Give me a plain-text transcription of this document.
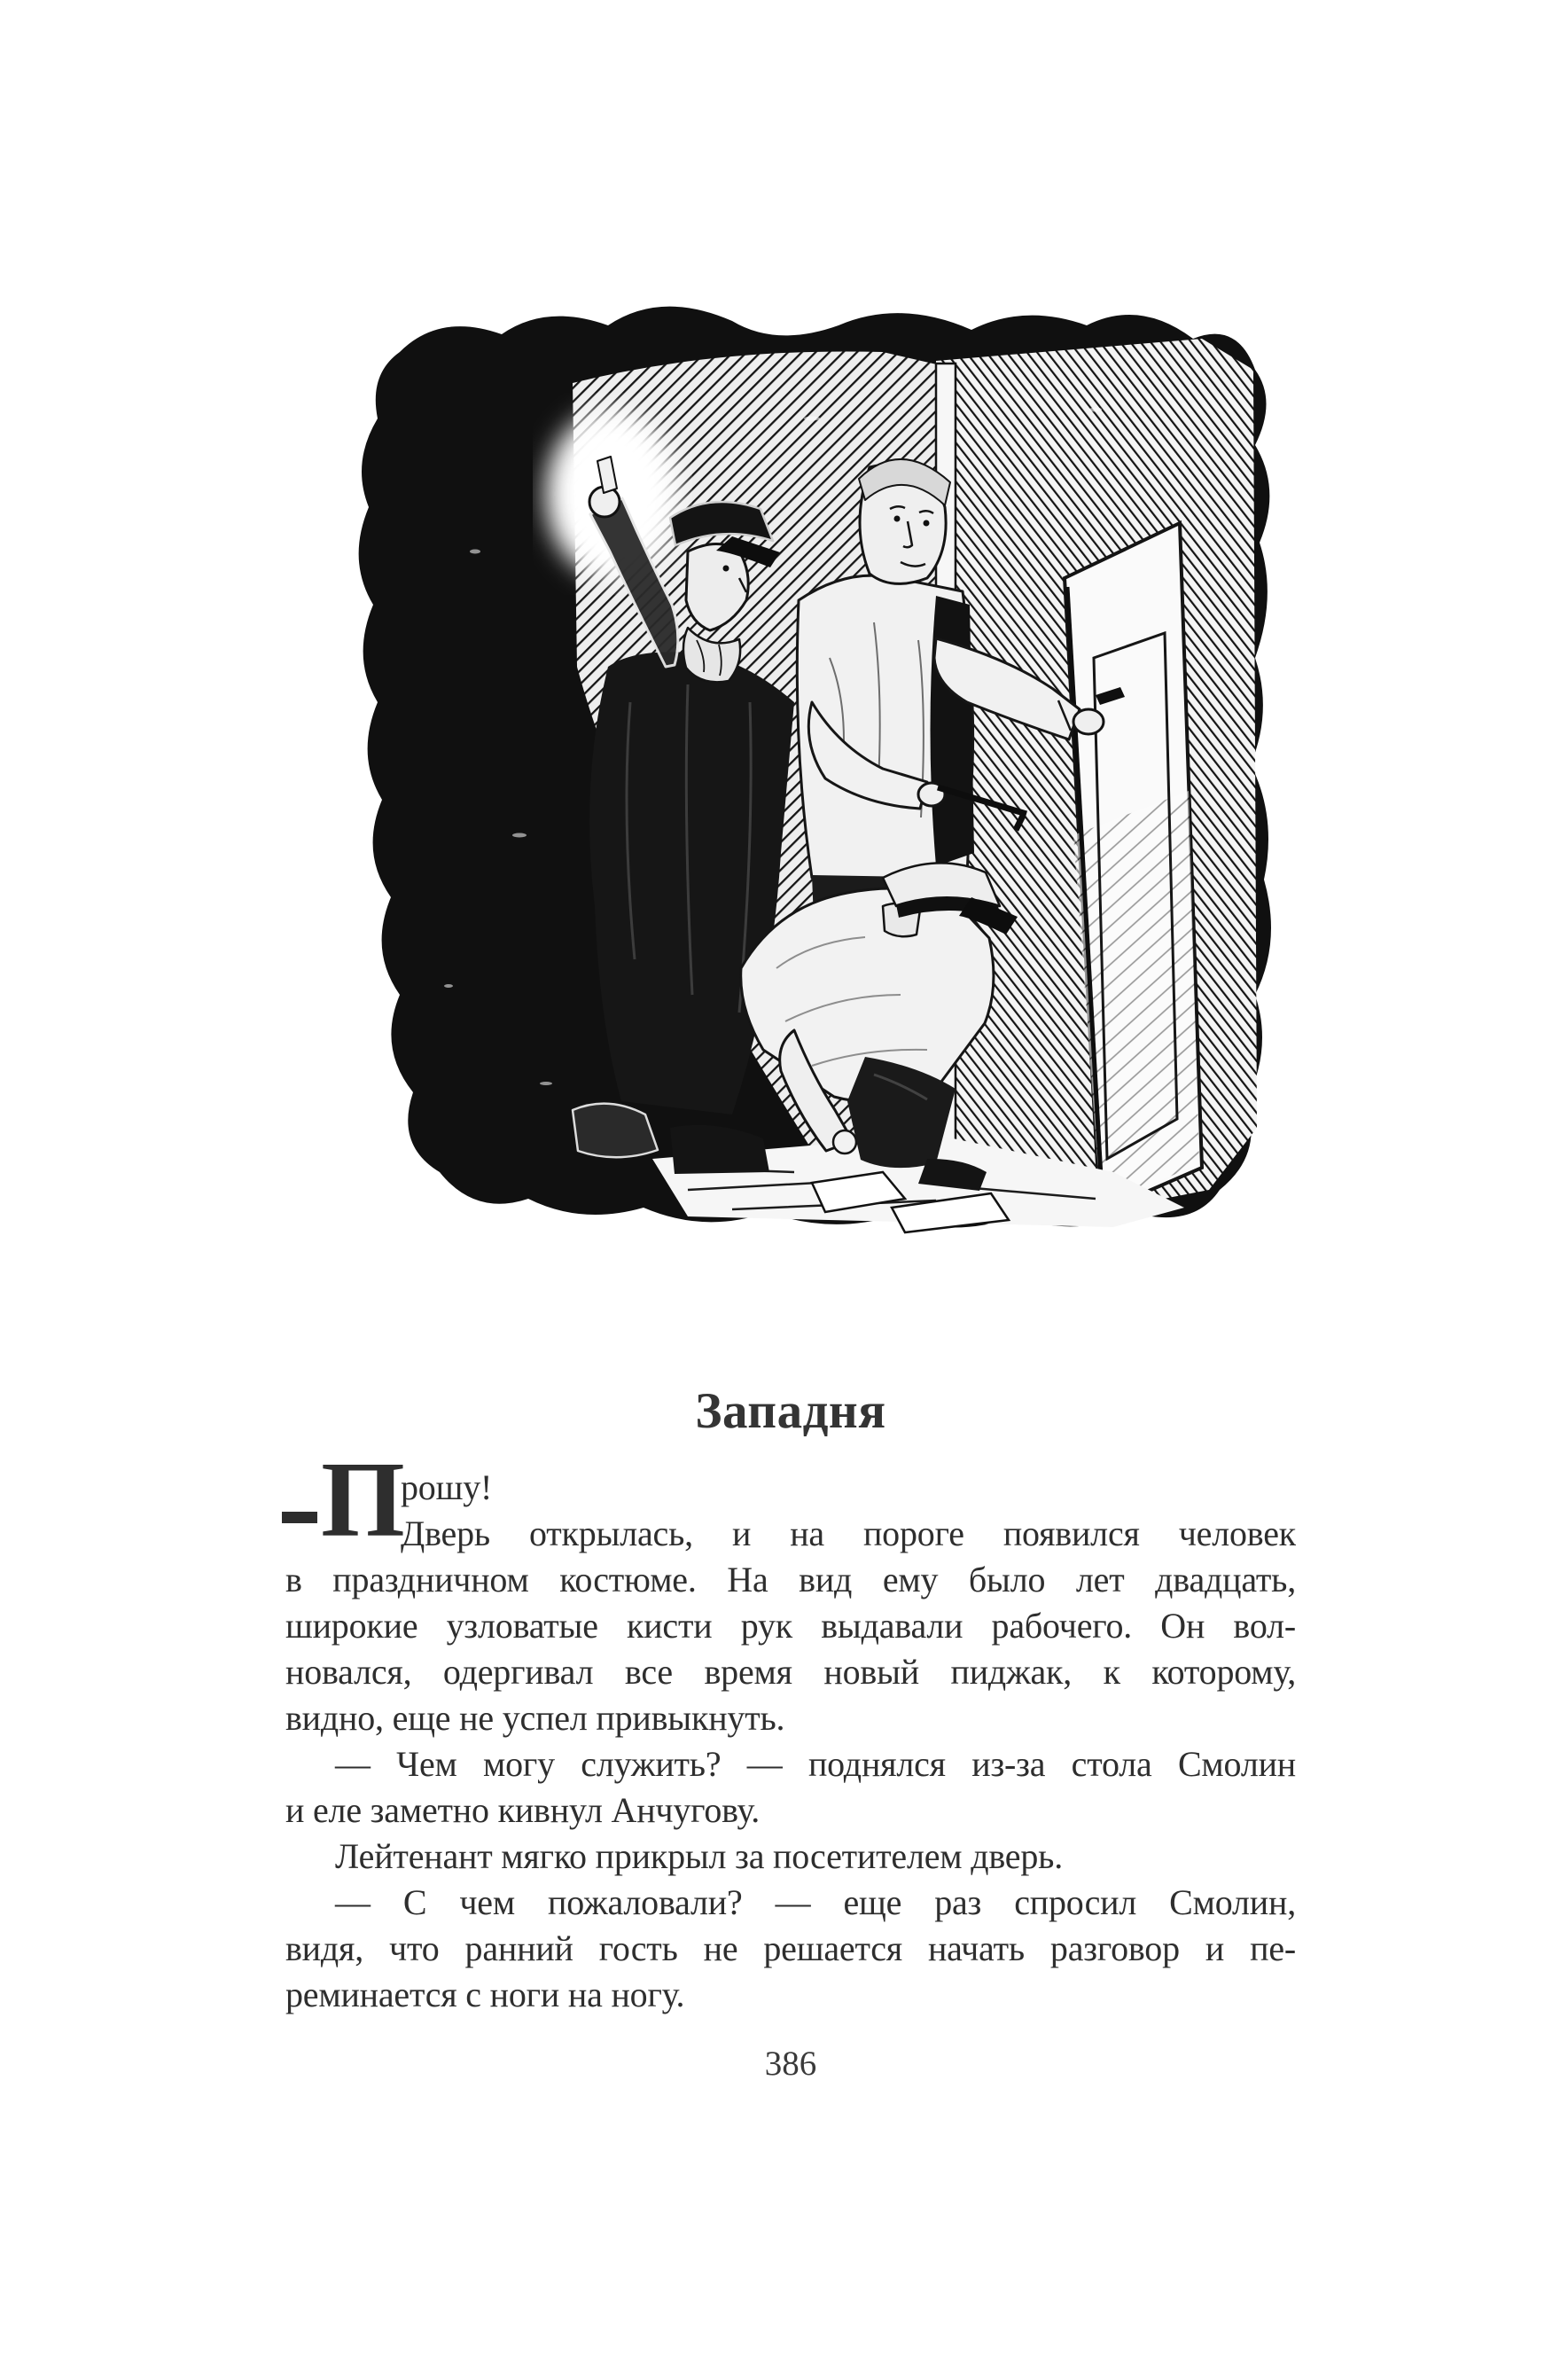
Западня
П
рошу!
Дверь открылась, и на пороге появился человек
в праздничном костюме. На вид ему было лет двадцать,
широкие узловатые кисти рук выдавали рабочего. Он вол-
новался, одергивал все время новый пиджак, к которому,
видно, еще не успел привыкнуть.
— Чем могу служить? — поднялся из-за стола Смолин
и еле заметно кивнул Анчугову.
Лейтенант мягко прикрыл за посетителем дверь.
— С чем пожаловали? — еще раз спросил Смолин,
видя, что ранний гость не решается начать разговор и пе-
реминается с ноги на ногу.
386
